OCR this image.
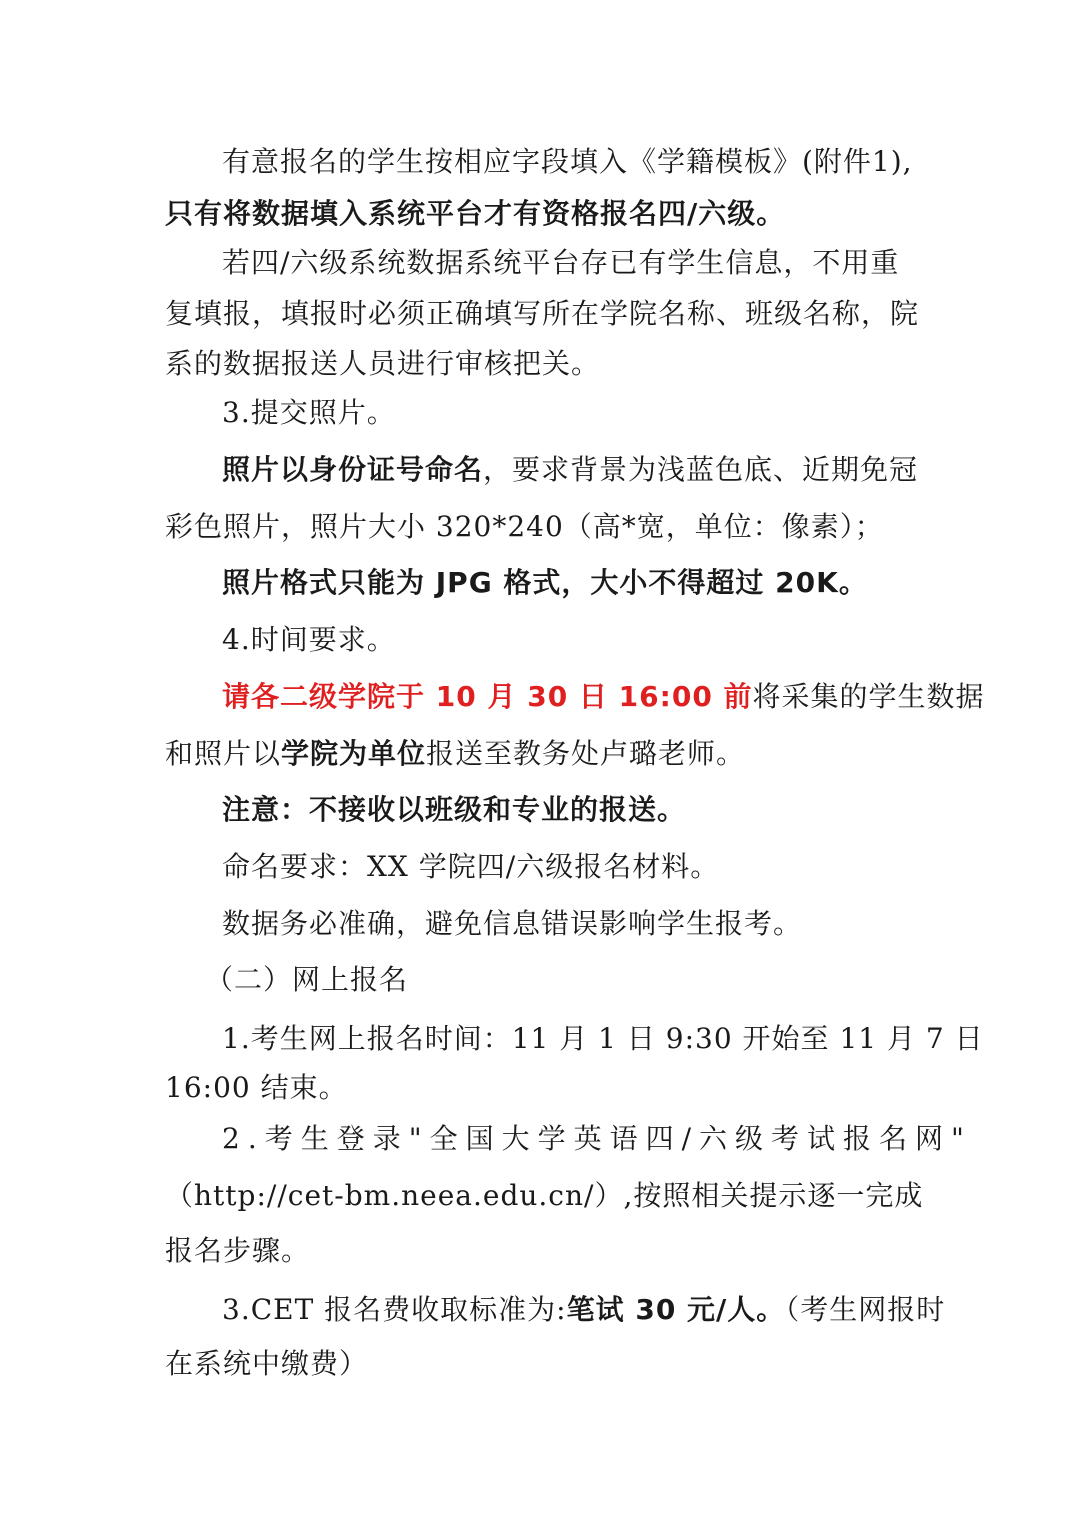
有意报名的学生按相应字段填入《学籍模板》(附件1),
只有将数据填入系统平台才有资格报名四/六级。
若四/六级系统数据系统平台存已有学生信息，不用重
复填报，填报时必须正确填写所在学院名称、班级名称，院
系的数据报送人员进行审核把关。
3.提交照片。
照片以身份证号命名，要求背景为浅蓝色底、近期免冠
彩色照片，照片大小 320*240（高*宽，单位：像素）；
照片格式只能为 JPG 格式，大小不得超过 20K。
4.时间要求。
请各二级学院于 10 月 30 日 16:00 前将采集的学生数据
和照片以学院为单位报送至教务处卢璐老师。
注意：不接收以班级和专业的报送。
命名要求：XX 学院四/六级报名材料。
数据务必准确，避免信息错误影响学生报考。
（二）网上报名
1.考生网上报名时间：11 月 1 日 9:30 开始至 11 月 7 日
16:00 结束。
2.考生登录"全国大学英语四/六级考试报名网"
（http://cet-bm.neea.edu.cn/）,按照相关提示逐一完成
报名步骤。
3.CET 报名费收取标准为:笔试 30 元/人。（考生网报时
在系统中缴费）
